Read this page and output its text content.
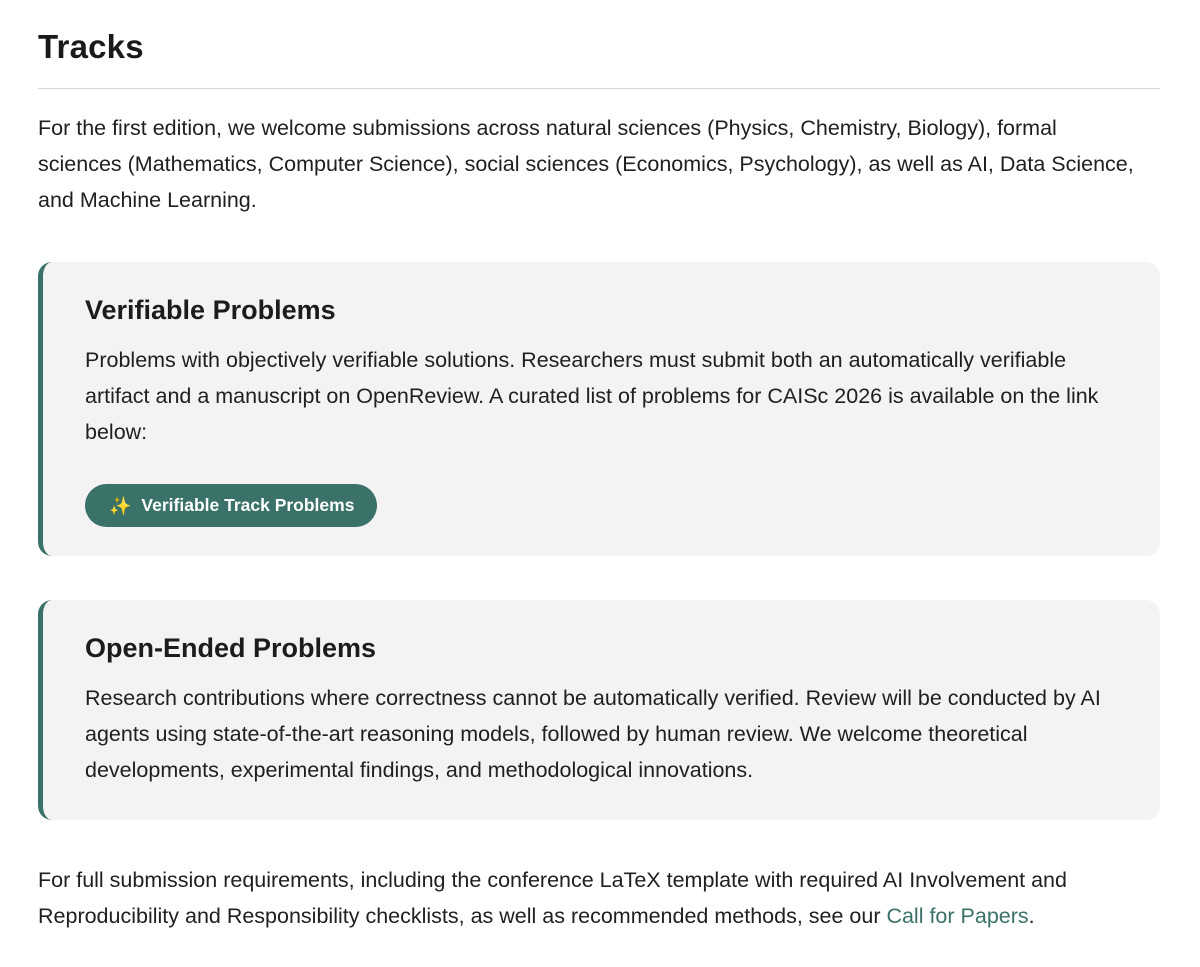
Tracks

For the first edition, we welcome submissions across natural sciences (Physics, Chemistry, Biology), formal sciences (Mathematics, Computer Science), social sciences (Economics, Psychology), as well as AI, Data Science, and Machine Learning.

Verifiable Problems

Problems with objectively verifiable solutions. Researchers must submit both an automatically verifiable artifact and a manuscript on OpenReview. A curated list of problems for CAISc 2026 is available on the link below:

✨ Verifiable Track Problems
Open-Ended Problems

Research contributions where correctness cannot be automatically verified. Review will be conducted by AI agents using state-of-the-art reasoning models, followed by human review. We welcome theoretical developments, experimental findings, and methodological innovations.

For full submission requirements, including the conference LaTeX template with required AI Involvement and Reproducibility and Responsibility checklists, as well as recommended methods, see our Call for Papers.
